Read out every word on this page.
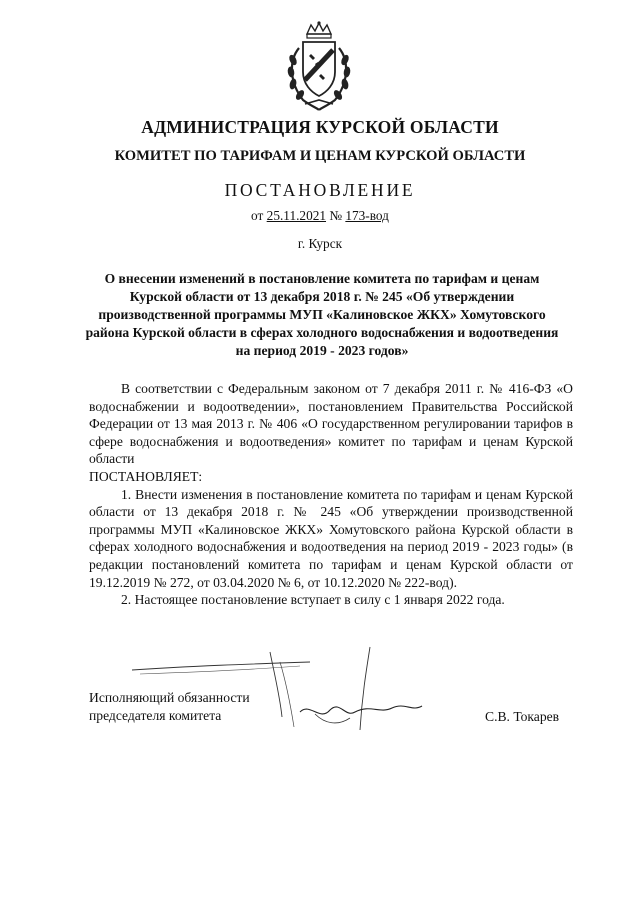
АДМИНИСТРАЦИЯ КУРСКОЙ ОБЛАСТИ
КОМИТЕТ ПО ТАРИФАМ И ЦЕНАМ КУРСКОЙ ОБЛАСТИ
ПОСТАНОВЛЕНИЕ
от 25.11.2021 № 173-вод
г. Курск
О внесении изменений в постановление комитета по тарифам и ценам Курской области от 13 декабря 2018 г. № 245 «Об утверждении производственной программы МУП «Калиновское ЖКХ» Хомутовского района Курской области в сферах холодного водоснабжения и водоотведения на период 2019 - 2023 годов»

В соответствии с Федеральным законом от 7 декабря 2011 г. № 416-ФЗ «О водоснабжении и водоотведении», постановлением Правительства Российской Федерации от 13 мая 2013 г. № 406 «О государственном регулировании тарифов в сфере водоснабжения и водоотведения» комитет по тарифам и ценам Курской области
ПОСТАНОВЛЯЕТ:

1. Внести изменения в постановление комитета по тарифам и ценам Курской области от 13 декабря 2018 г. № 245 «Об утверждении производственной программы МУП «Калиновское ЖКХ» Хомутовского района Курской области в сферах холодного водоснабжения и водоотведения на период 2019 - 2023 годы» (в редакции постановлений комитета по тарифам и ценам Курской области от 19.12.2019 № 272, от 03.04.2020 № 6, от 10.12.2020 № 222-вод).

2. Настоящее постановление вступает в силу с 1 января 2022 года.

Исполняющий обязанности
председателя комитета	С.В. Токарев
